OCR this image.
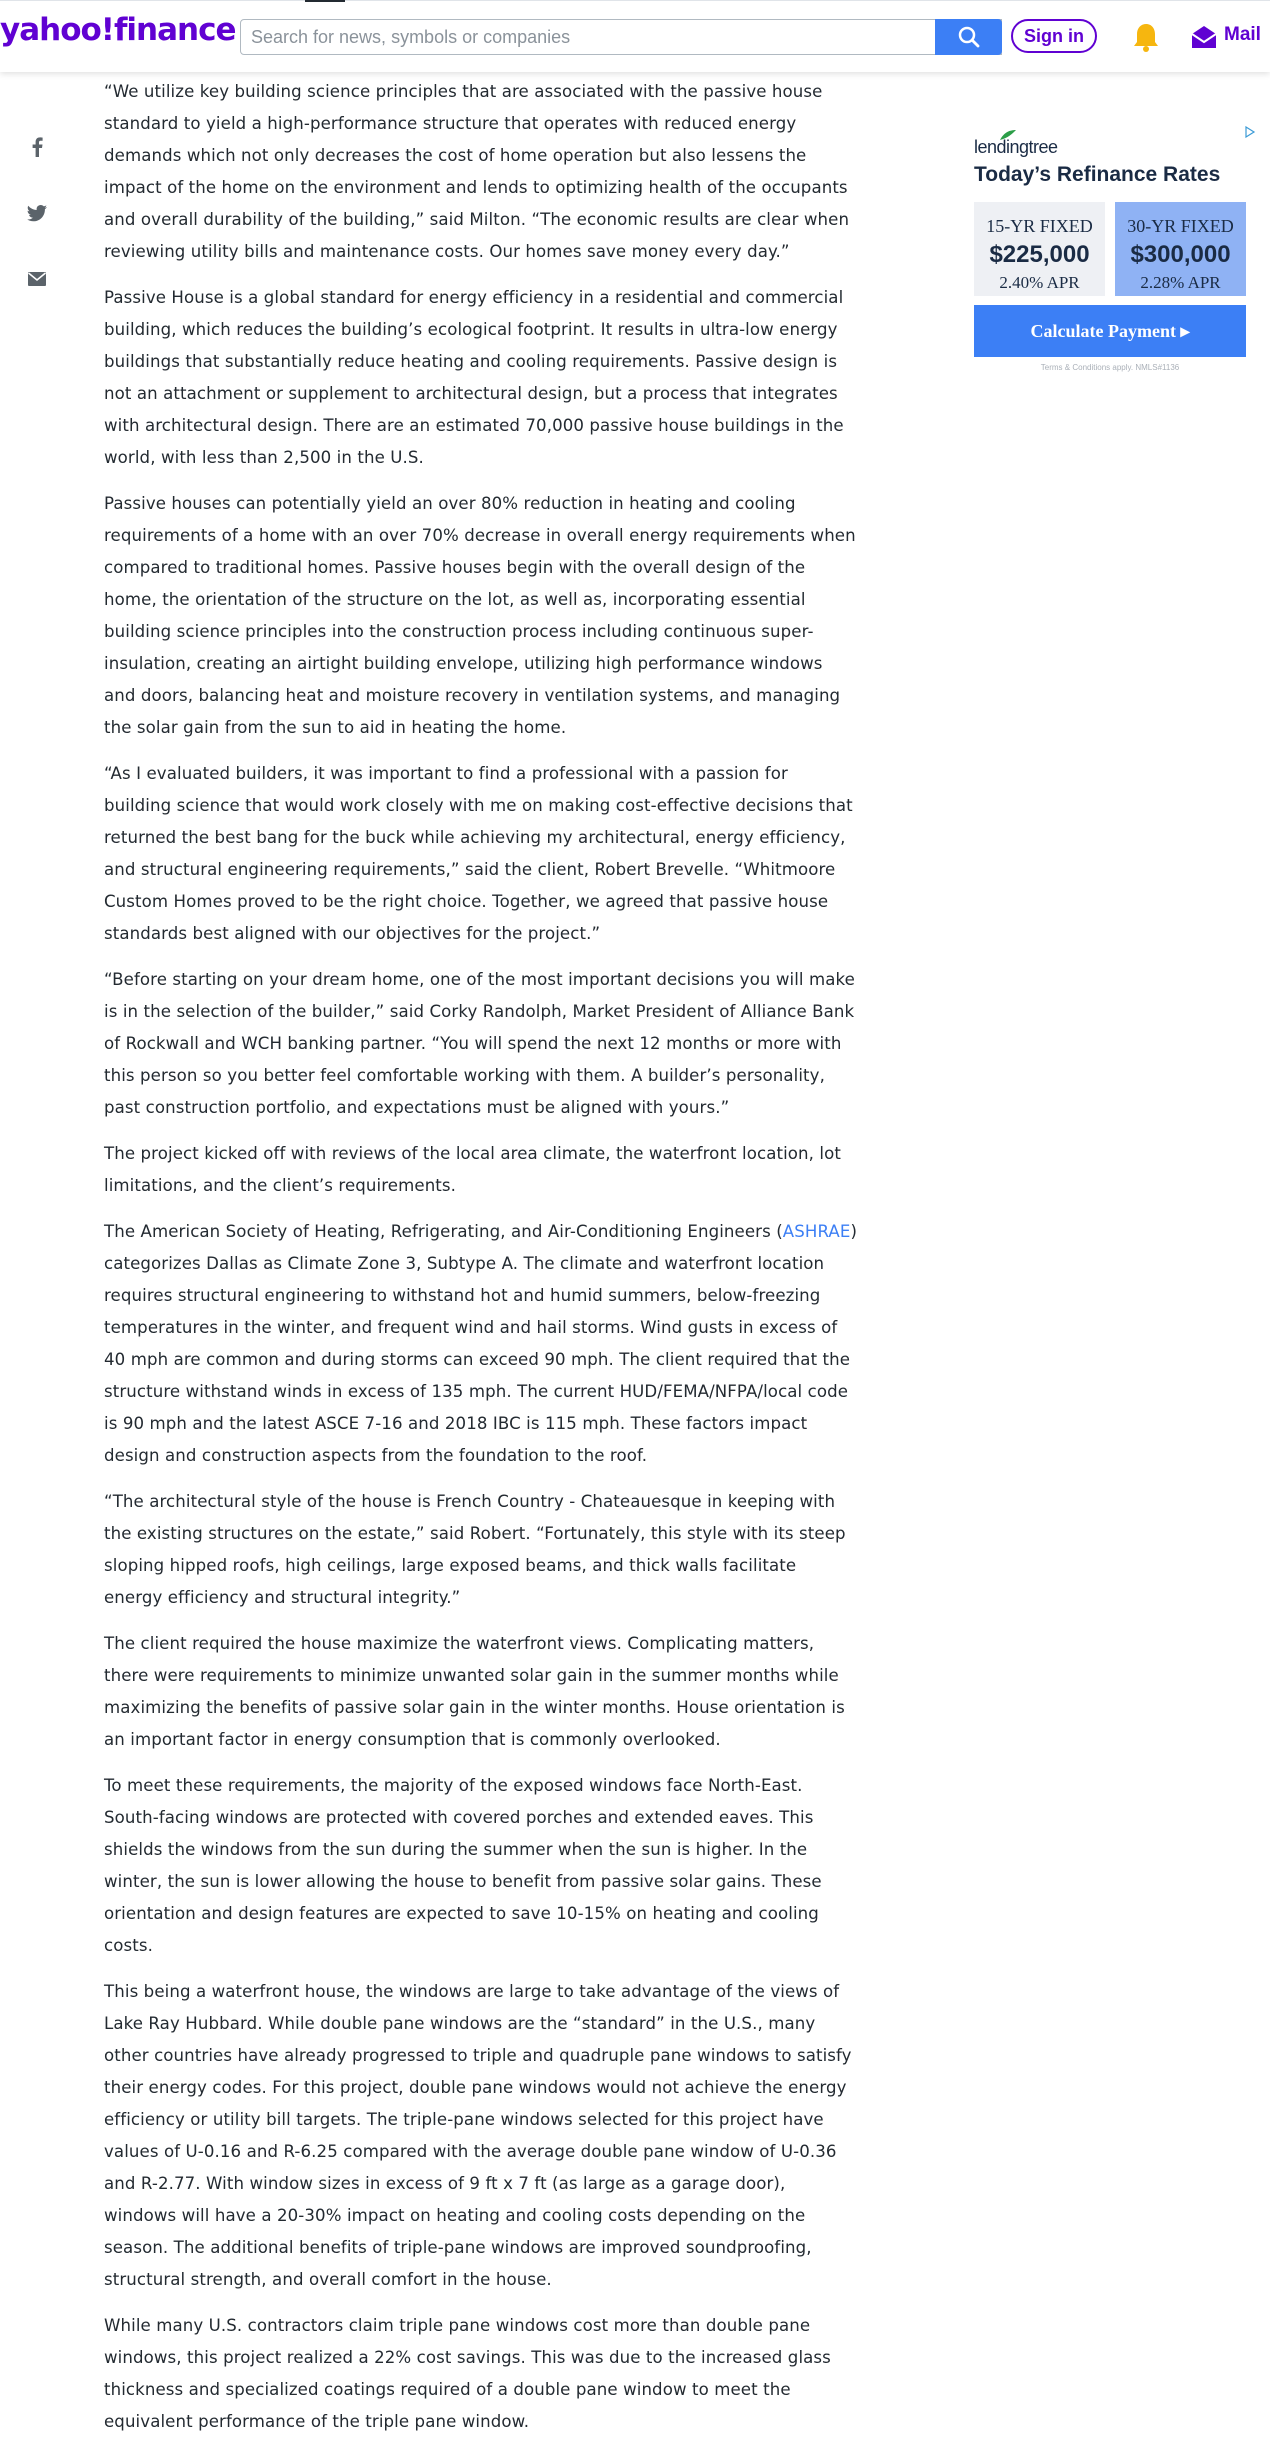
yahoo!finance
Search for news, symbols or companies	Sign in	Mail

“We utilize key building science principles that are associated with the passive house standard to yield a high-performance structure that operates with reduced energy demands which not only decreases the cost of home operation but also lessens the impact of the home on the environment and lends to optimizing health of the occupants and overall durability of the building,” said Milton. “The economic results are clear when reviewing utility bills and maintenance costs. Our homes save money every day.”

Passive House is a global standard for energy efficiency in a residential and commercial building, which reduces the building’s ecological footprint. It results in ultra-low energy buildings that substantially reduce heating and cooling requirements. Passive design is not an attachment or supplement to architectural design, but a process that integrates with architectural design. There are an estimated 70,000 passive house buildings in the world, with less than 2,500 in the U.S.

Passive houses can potentially yield an over 80% reduction in heating and cooling requirements of a home with an over 70% decrease in overall energy requirements when compared to traditional homes. Passive houses begin with the overall design of the home, the orientation of the structure on the lot, as well as, incorporating essential building science principles into the construction process including continuous super-insulation, creating an airtight building envelope, utilizing high performance windows and doors, balancing heat and moisture recovery in ventilation systems, and managing the solar gain from the sun to aid in heating the home.

“As I evaluated builders, it was important to find a professional with a passion for building science that would work closely with me on making cost-effective decisions that returned the best bang for the buck while achieving my architectural, energy efficiency, and structural engineering requirements,” said the client, Robert Brevelle. “Whitmoore Custom Homes proved to be the right choice. Together, we agreed that passive house standards best aligned with our objectives for the project.”

“Before starting on your dream home, one of the most important decisions you will make is in the selection of the builder,” said Corky Randolph, Market President of Alliance Bank of Rockwall and WCH banking partner. “You will spend the next 12 months or more with this person so you better feel comfortable working with them. A builder’s personality, past construction portfolio, and expectations must be aligned with yours.”

The project kicked off with reviews of the local area climate, the waterfront location, lot limitations, and the client’s requirements.

The American Society of Heating, Refrigerating, and Air-Conditioning Engineers (ASHRAE) categorizes Dallas as Climate Zone 3, Subtype A. The climate and waterfront location requires structural engineering to withstand hot and humid summers, below-freezing temperatures in the winter, and frequent wind and hail storms. Wind gusts in excess of 40 mph are common and during storms can exceed 90 mph. The client required that the structure withstand winds in excess of 135 mph. The current HUD/FEMA/NFPA/local code is 90 mph and the latest ASCE 7-16 and 2018 IBC is 115 mph. These factors impact design and construction aspects from the foundation to the roof.

“The architectural style of the house is French Country - Chateauesque in keeping with the existing structures on the estate,” said Robert. “Fortunately, this style with its steep sloping hipped roofs, high ceilings, large exposed beams, and thick walls facilitate energy efficiency and structural integrity.”

The client required the house maximize the waterfront views. Complicating matters, there were requirements to minimize unwanted solar gain in the summer months while maximizing the benefits of passive solar gain in the winter months. House orientation is an important factor in energy consumption that is commonly overlooked.

To meet these requirements, the majority of the exposed windows face North-East. South-facing windows are protected with covered porches and extended eaves. This shields the windows from the sun during the summer when the sun is higher. In the winter, the sun is lower allowing the house to benefit from passive solar gains. These orientation and design features are expected to save 10-15% on heating and cooling costs.

This being a waterfront house, the windows are large to take advantage of the views of Lake Ray Hubbard. While double pane windows are the “standard” in the U.S., many other countries have already progressed to triple and quadruple pane windows to satisfy their energy codes. For this project, double pane windows would not achieve the energy efficiency or utility bill targets. The triple-pane windows selected for this project have values of U-0.16 and R-6.25 compared with the average double pane window of U-0.36 and R-2.77. With window sizes in excess of 9 ft x 7 ft (as large as a garage door), windows will have a 20-30% impact on heating and cooling costs depending on the season. The additional benefits of triple-pane windows are improved soundproofing, structural strength, and overall comfort in the house.

While many U.S. contractors claim triple pane windows cost more than double pane windows, this project realized a 22% cost savings. This was due to the increased glass thickness and specialized coatings required of a double pane window to meet the equivalent performance of the triple pane window.

lendingtree
Today’s Refinance Rates
15-YR FIXED
$225,000
2.40% APR
30-YR FIXED
$300,000
2.28% APR
Calculate Payment ▸
Terms & Conditions apply. NMLS#1136
